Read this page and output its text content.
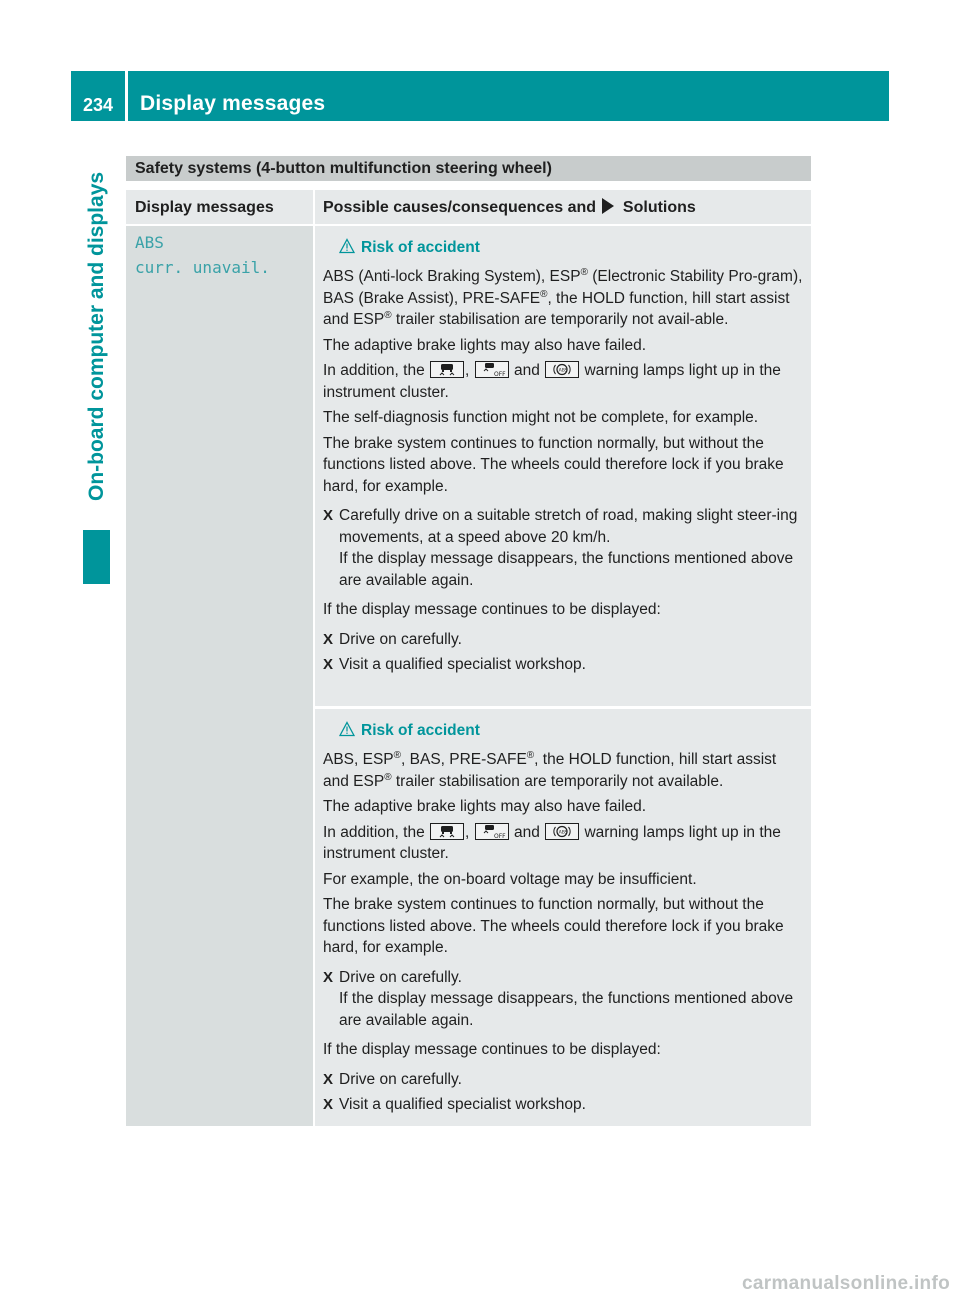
234	Display messages
On-board computer and displays
Safety systems (4-button multifunction steering wheel)
Display messages	Possible causes/consequences and Solutions
ABS
curr. unavail.
Risk of accident

ABS (Anti-lock Braking System), ESP® (Electronic Stability Pro-gram), BAS (Brake Assist), PRE-SAFE®, the HOLD function, hill start assist and ESP® trailer stabilisation are temporarily not avail-able.

The adaptive brake lights may also have failed.

In addition, the	,	OFF and	ABS warning lamps light up in the instrument cluster.

The self-diagnosis function might not be complete, for example.

The brake system continues to function normally, but without the functions listed above. The wheels could therefore lock if you brake hard, for example.

X Carefully drive on a suitable stretch of road, making slight steer-ing movements, at a speed above 20 km/h.
If the display message disappears, the functions mentioned above are available again.

If the display message continues to be displayed:

X Drive on carefully.
X Visit a qualified specialist workshop.
Risk of accident

ABS, ESP®, BAS, PRE-SAFE®, the HOLD function, hill start assist and ESP® trailer stabilisation are temporarily not available.

The adaptive brake lights may also have failed.

In addition, the	,	OFF and	ABS warning lamps light up in the instrument cluster.

For example, the on-board voltage may be insufficient.

The brake system continues to function normally, but without the functions listed above. The wheels could therefore lock if you brake hard, for example.

X Drive on carefully.
If the display message disappears, the functions mentioned above are available again.

If the display message continues to be displayed:

X Drive on carefully.
X Visit a qualified specialist workshop.
carmanualsonline.info
